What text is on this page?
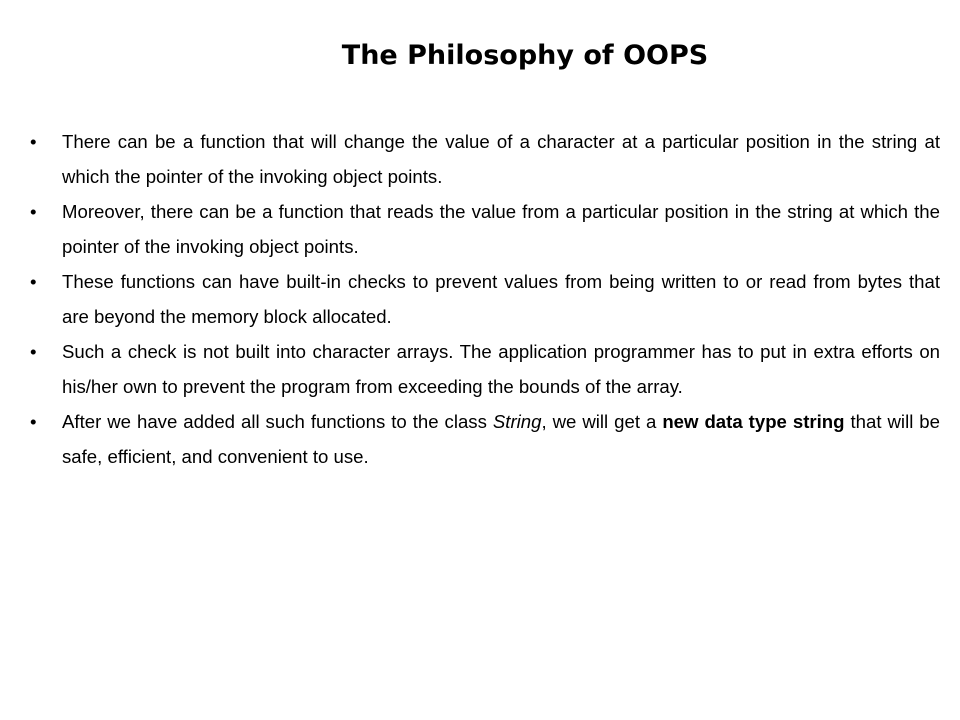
The Philosophy of OOPS
•	There can be a function that will change the value of a character at a particular position in the string at which the pointer of the invoking object points.
•	Moreover, there can be a function that reads the value from a particular position in the string at which the pointer of the invoking object points.
•	These functions can have built-in checks to prevent values from being written to or read from bytes that are beyond the memory block allocated.
•	Such a check is not built into character arrays. The application programmer has to put in extra efforts on his/her own to prevent the program from exceeding the bounds of the array.
•	After we have added all such functions to the class String, we will get a new data type string that will be safe, efficient, and convenient to use.
